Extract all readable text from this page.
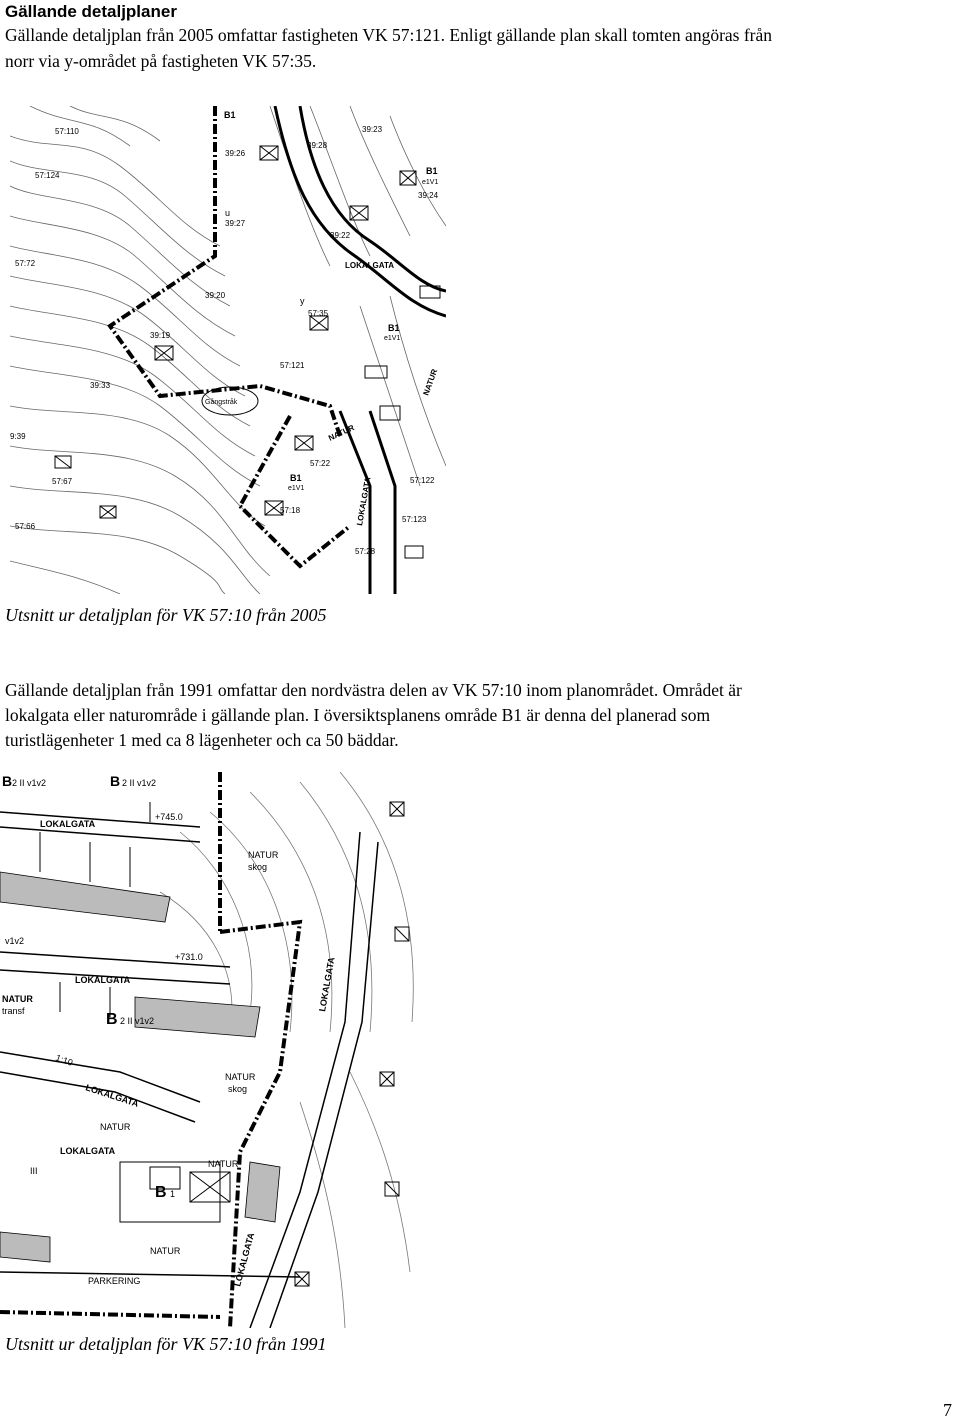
Gällande detaljplaner
Gällande detaljplan från 2005 omfattar fastigheten VK 57:121. Enligt gällande plan skall tomten angöras från
norr via y-området på fastigheten VK 57:35.
57:110
57:124
57:72
57:35
57:121
57:67
57:66
57:18
57:22
57:122
57:123
57:28
39:23
39:28
39:26
39:24
39:22
39:20
39:19
39:33
39:27
9:39	NATUR
NATUR
LOKALGATA
LOKALGATA
Gångstråk
B1
B1
B1
B1
y
u
e1V1
e1V1
e1V1
Utsnitt ur detaljplan för VK 57:10 från 2005
Gällande detaljplan från 1991 omfattar den nordvästra delen av VK 57:10 inom planområdet. Området är
lokalgata eller naturområde i gällande plan. I översiktsplanens område B1 är denna del planerad som
turistlägenheter 1 med ca 8 lägenheter och ca 50 bäddar.
LOKALGATA
LOKALGATA
LOKALGATA
LOKALGATA
LOKALGATA
LOKALGATA
NATUR
skog
NATUR
skog
NATUR
NATUR
NATUR
NATUR
PARKERING
+745.0
+731.0
B	B
B
B
2 II v1v2	2 II v1v2
2 II v1v2
transf
1:10
III
v1v2
1
Utsnitt ur detaljplan för VK 57:10 från 1991
7
